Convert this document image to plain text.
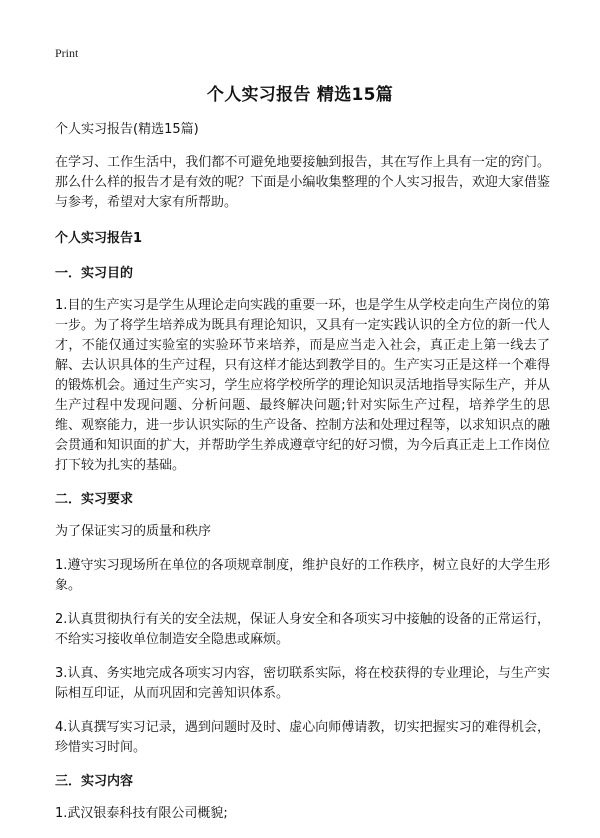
Print
个人实习报告 精选15篇

个人实习报告(精选15篇)

在学习、工作生活中，我们都不可避免地要接触到报告，其在写作上具有一定的窍门。那么什么样的报告才是有效的呢？下面是小编收集整理的个人实习报告，欢迎大家借鉴与参考，希望对大家有所帮助。

个人实习报告1

一．实习目的

1.目的生产实习是学生从理论走向实践的重要一环，也是学生从学校走向生产岗位的第一步。为了将学生培养成为既具有理论知识，又具有一定实践认识的全方位的新一代人才，不能仅通过实验室的实验环节来培养，而是应当走入社会，真正走上第一线去了解、去认识具体的生产过程，只有这样才能达到教学目的。生产实习正是这样一个难得的锻炼机会。通过生产实习，学生应将学校所学的理论知识灵活地指导实际生产，并从生产过程中发现问题、分析问题、最终解决问题;针对实际生产过程，培养学生的思维、观察能力，进一步认识实际的生产设备、控制方法和处理过程等，以求知识点的融会贯通和知识面的扩大，并帮助学生养成遵章守纪的好习惯，为今后真正走上工作岗位打下较为扎实的基础。

二．实习要求

为了保证实习的质量和秩序

1.遵守实习现场所在单位的各项规章制度，维护良好的工作秩序，树立良好的大学生形象。

2.认真贯彻执行有关的安全法规，保证人身安全和各项实习中接触的设备的正常运行，不给实习接收单位制造安全隐患或麻烦。

3.认真、务实地完成各项实习内容，密切联系实际，将在校获得的专业理论，与生产实际相互印证，从而巩固和完善知识体系。

4.认真撰写实习记录，遇到问题时及时、虚心向师傅请教，切实把握实习的难得机会，珍惜实习时间。

三．实习内容

1.武汉银泰科技有限公司概貌;
